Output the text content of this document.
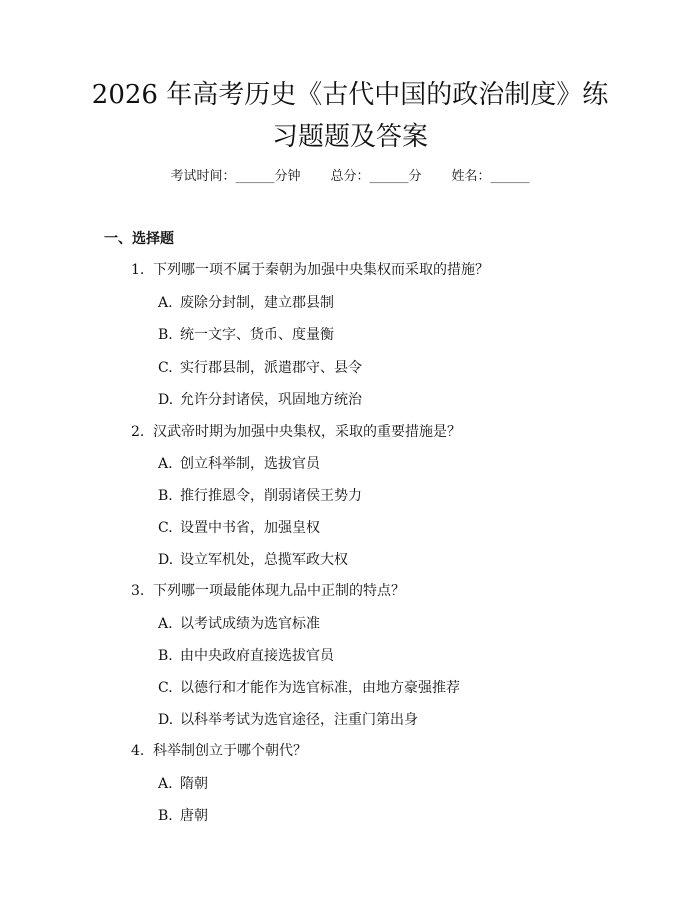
2026 年高考历史《古代中国的政治制度》练习题题及答案
考试时间：______分钟 总分：______分 姓名：______
一、选择题
1. 下列哪一项不属于秦朝为加强中央集权而采取的措施？
A. 废除分封制，建立郡县制
B. 统一文字、货币、度量衡
C. 实行郡县制，派遣郡守、县令
D. 允许分封诸侯，巩固地方统治
2. 汉武帝时期为加强中央集权，采取的重要措施是？
A. 创立科举制，选拔官员
B. 推行推恩令，削弱诸侯王势力
C. 设置中书省，加强皇权
D. 设立军机处，总揽军政大权
3. 下列哪一项最能体现九品中正制的特点？
A. 以考试成绩为选官标准
B. 由中央政府直接选拔官员
C. 以德行和才能作为选官标准，由地方豪强推荐
D. 以科举考试为选官途径，注重门第出身
4. 科举制创立于哪个朝代？
A. 隋朝
B. 唐朝
